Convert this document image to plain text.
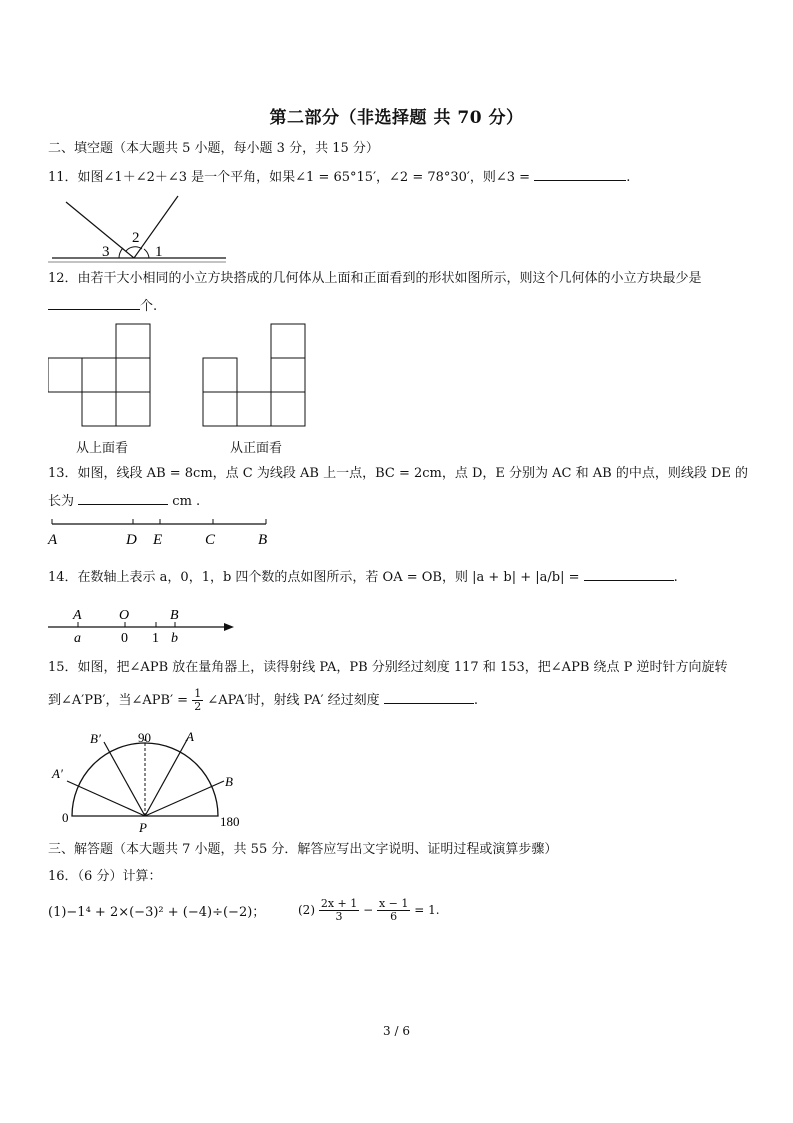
第二部分（非选择题 共 70 分）
二、填空题（本大题共 5 小题，每小题 3 分，共 15 分）
11．如图∠1＋∠2＋∠3 是一个平角，如果∠1 = 65°15′，∠2 = 78°30′，则∠3 =	.
3
2
1
12．由若干大小相同的小立方块搭成的几何体从上面和正面看到的形状如图所示，则这个几何体的小立方块最少是
个.
从上面看	从正面看
13．如图，线段 AB = 8cm，点 C 为线段 AB 上一点，BC = 2cm，点 D，E 分别为 AC 和 AB 的中点，则线段 DE 的
长为	cm .
A	D E	C	B
14．在数轴上表示 a，0，1，b 四个数的点如图所示，若 OA = OB，则 |a + b| + |a/b| =	.
A	O	B
a	0 1 b
15．如图，把∠APB 放在量角器上，读得射线 PA，PB 分别经过刻度 117 和 153，把∠APB 绕点 P 逆时针方向旋转
到∠A′PB′，当∠APB′ = $\frac{1}{2}$ ∠APA′时，射线 PA′ 经过刻度	.
90
0	180
P
A
B
A′
B′
三、解答题（本大题共 7 小题，共 55 分．解答应写出文字说明、证明过程或演算步骤）
16．（6 分）计算：
(1)−1⁴ + 2×(−3)² + (−4)÷(−2)；	$(2) \frac{2x + 1}{3} - \frac{x - 1}{6} = 1$.
3 / 6
